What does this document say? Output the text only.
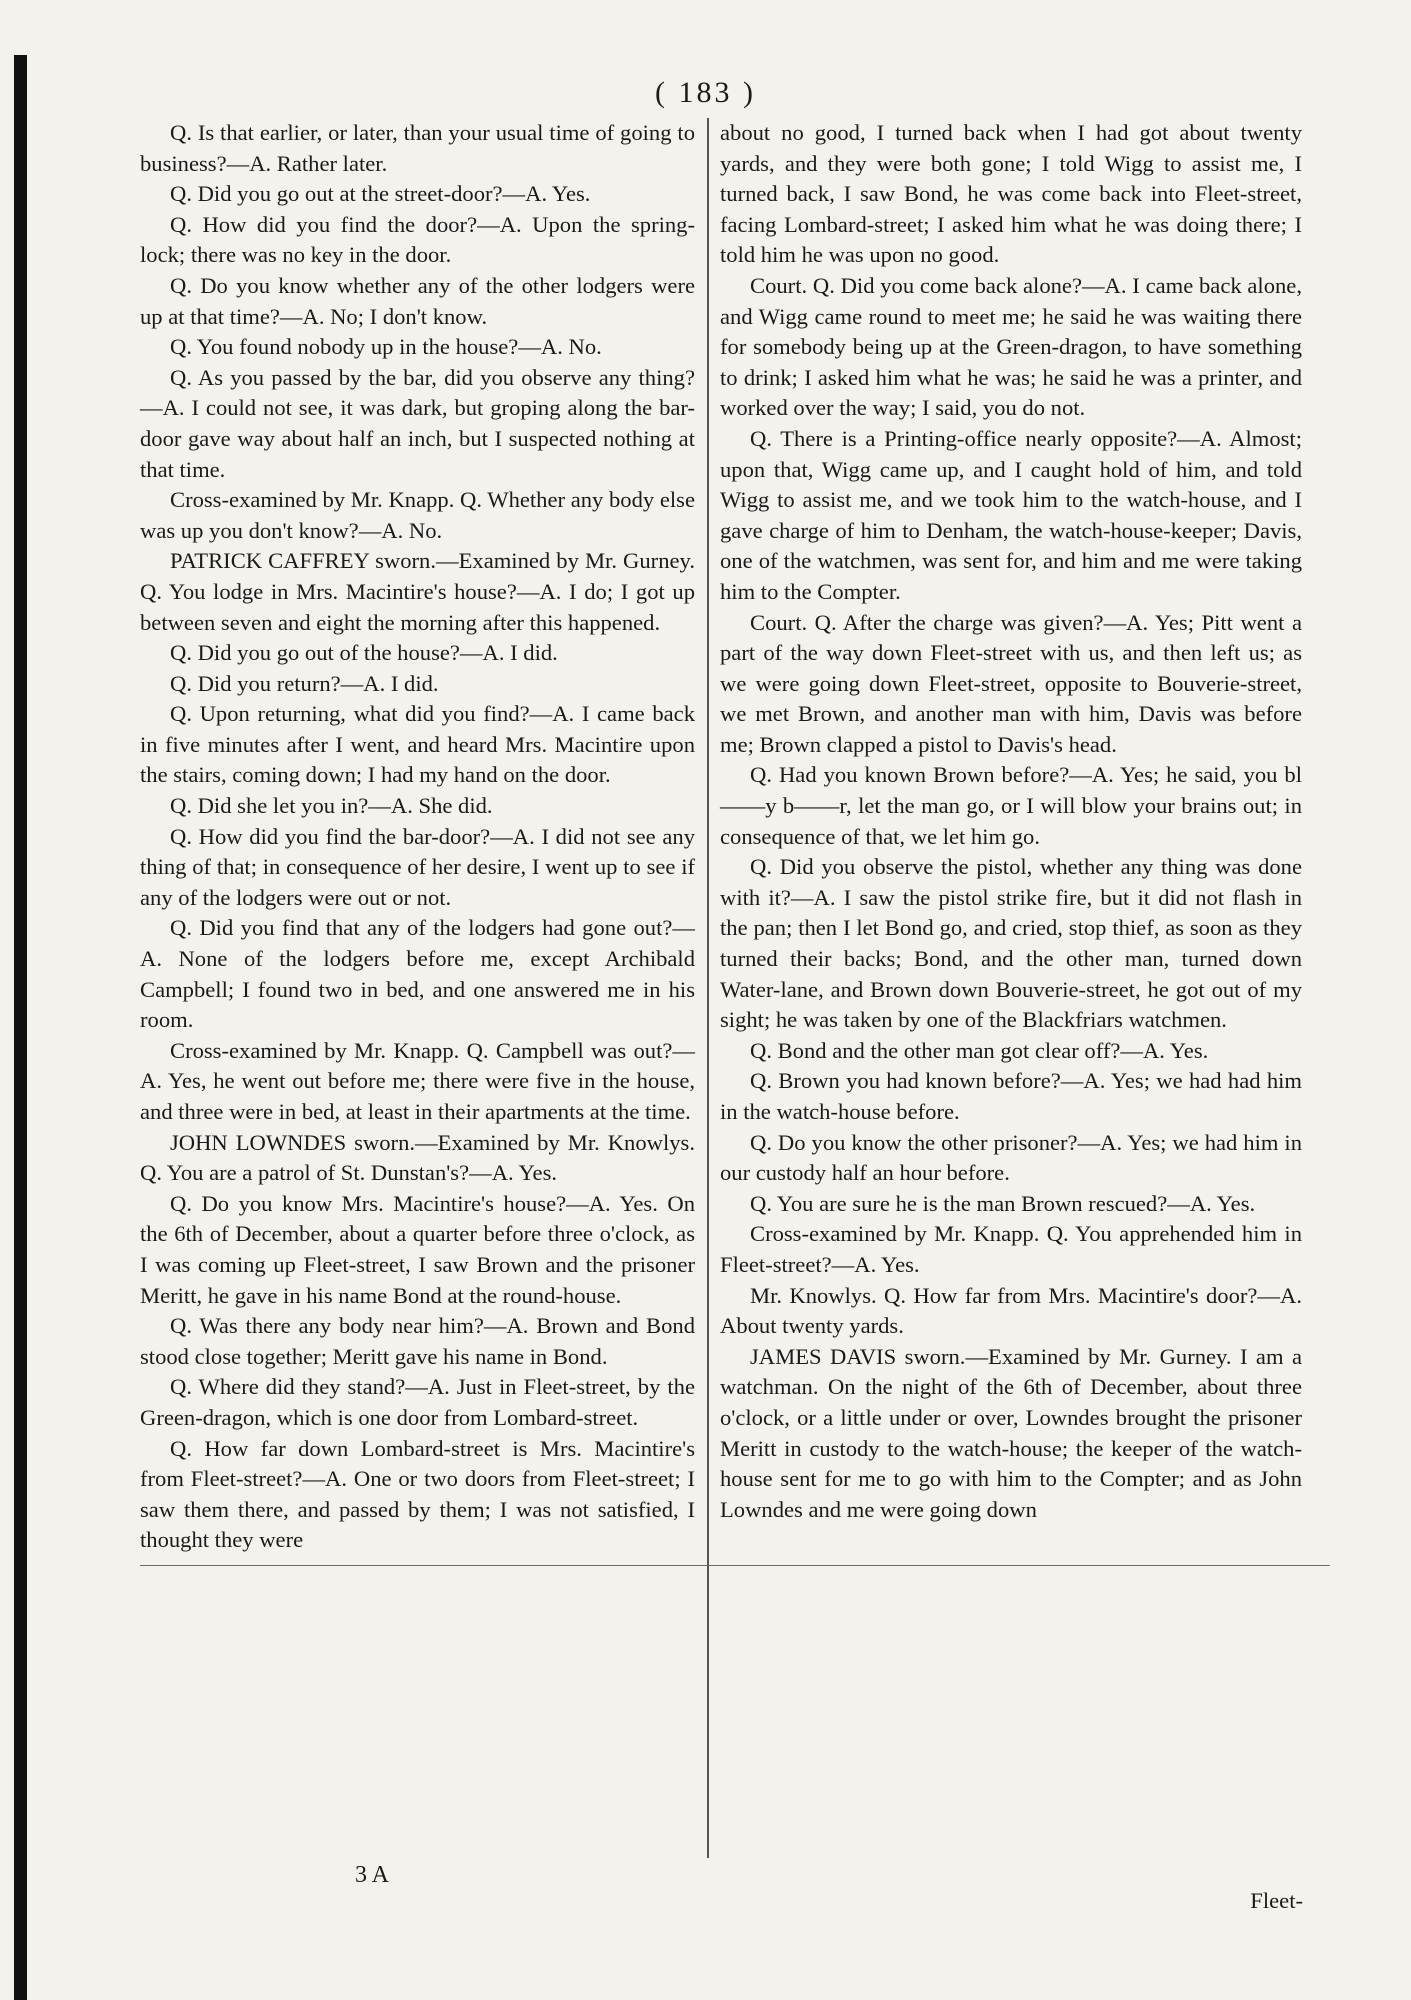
( 183 )

Q. Is that earlier, or later, than your usual time of going to business?—A. Rather later.

Q. Did you go out at the street-door?—A. Yes.

Q. How did you find the door?—A. Upon the spring-lock; there was no key in the door.

Q. Do you know whether any of the other lodgers were up at that time?—A. No; I don't know.

Q. You found nobody up in the house?—A. No.

Q. As you passed by the bar, did you observe any thing?—A. I could not see, it was dark, but groping along the bar-door gave way about half an inch, but I suspected nothing at that time.

Cross-examined by Mr. Knapp. Q. Whether any body else was up you don't know?—A. No.

PATRICK CAFFREY sworn.—Examined by Mr. Gurney. Q. You lodge in Mrs. Macintire's house?—A. I do; I got up between seven and eight the morning after this happened.

Q. Did you go out of the house?—A. I did.

Q. Did you return?—A. I did.

Q. Upon returning, what did you find?—A. I came back in five minutes after I went, and heard Mrs. Macintire upon the stairs, coming down; I had my hand on the door.

Q. Did she let you in?—A. She did.

Q. How did you find the bar-door?—A. I did not see any thing of that; in consequence of her desire, I went up to see if any of the lodgers were out or not.

Q. Did you find that any of the lodgers had gone out?—A. None of the lodgers before me, except Archibald Campbell; I found two in bed, and one answered me in his room.

Cross-examined by Mr. Knapp. Q. Campbell was out?—A. Yes, he went out before me; there were five in the house, and three were in bed, at least in their apartments at the time.

JOHN LOWNDES sworn.—Examined by Mr. Knowlys. Q. You are a patrol of St. Dunstan's?—A. Yes.

Q. Do you know Mrs. Macintire's house?—A. Yes. On the 6th of December, about a quarter before three o'clock, as I was coming up Fleet-street, I saw Brown and the prisoner Meritt, he gave in his name Bond at the round-house.

Q. Was there any body near him?—A. Brown and Bond stood close together; Meritt gave his name in Bond.

Q. Where did they stand?—A. Just in Fleet-street, by the Green-dragon, which is one door from Lombard-street.

Q. How far down Lombard-street is Mrs. Macintire's from Fleet-street?—A. One or two doors from Fleet-street; I saw them there, and passed by them; I was not satisfied, I thought they were

about no good, I turned back when I had got about twenty yards, and they were both gone; I told Wigg to assist me, I turned back, I saw Bond, he was come back into Fleet-street, facing Lombard-street; I asked him what he was doing there; I told him he was upon no good.

Court. Q. Did you come back alone?—A. I came back alone, and Wigg came round to meet me; he said he was waiting there for somebody being up at the Green-dragon, to have something to drink; I asked him what he was; he said he was a printer, and worked over the way; I said, you do not.

Q. There is a Printing-office nearly opposite?—A. Almost; upon that, Wigg came up, and I caught hold of him, and told Wigg to assist me, and we took him to the watch-house, and I gave charge of him to Denham, the watch-house-keeper; Davis, one of the watchmen, was sent for, and him and me were taking him to the Compter.

Court. Q. After the charge was given?—A. Yes; Pitt went a part of the way down Fleet-street with us, and then left us; as we were going down Fleet-street, opposite to Bouverie-street, we met Brown, and another man with him, Davis was before me; Brown clapped a pistol to Davis's head.

Q. Had you known Brown before?—A. Yes; he said, you bl——y b——r, let the man go, or I will blow your brains out; in consequence of that, we let him go.

Q. Did you observe the pistol, whether any thing was done with it?—A. I saw the pistol strike fire, but it did not flash in the pan; then I let Bond go, and cried, stop thief, as soon as they turned their backs; Bond, and the other man, turned down Water-lane, and Brown down Bouverie-street, he got out of my sight; he was taken by one of the Blackfriars watchmen.

Q. Bond and the other man got clear off?—A. Yes.

Q. Brown you had known before?—A. Yes; we had had him in the watch-house before.

Q. Do you know the other prisoner?—A. Yes; we had him in our custody half an hour before.

Q. You are sure he is the man Brown rescued?—A. Yes.

Cross-examined by Mr. Knapp. Q. You apprehended him in Fleet-street?—A. Yes.

Mr. Knowlys. Q. How far from Mrs. Macintire's door?—A. About twenty yards.

JAMES DAVIS sworn.—Examined by Mr. Gurney. I am a watchman. On the night of the 6th of December, about three o'clock, or a little under or over, Lowndes brought the prisoner Meritt in custody to the watch-house; the keeper of the watch-house sent for me to go with him to the Compter; and as John Lowndes and me were going down

3 A
Fleet-
